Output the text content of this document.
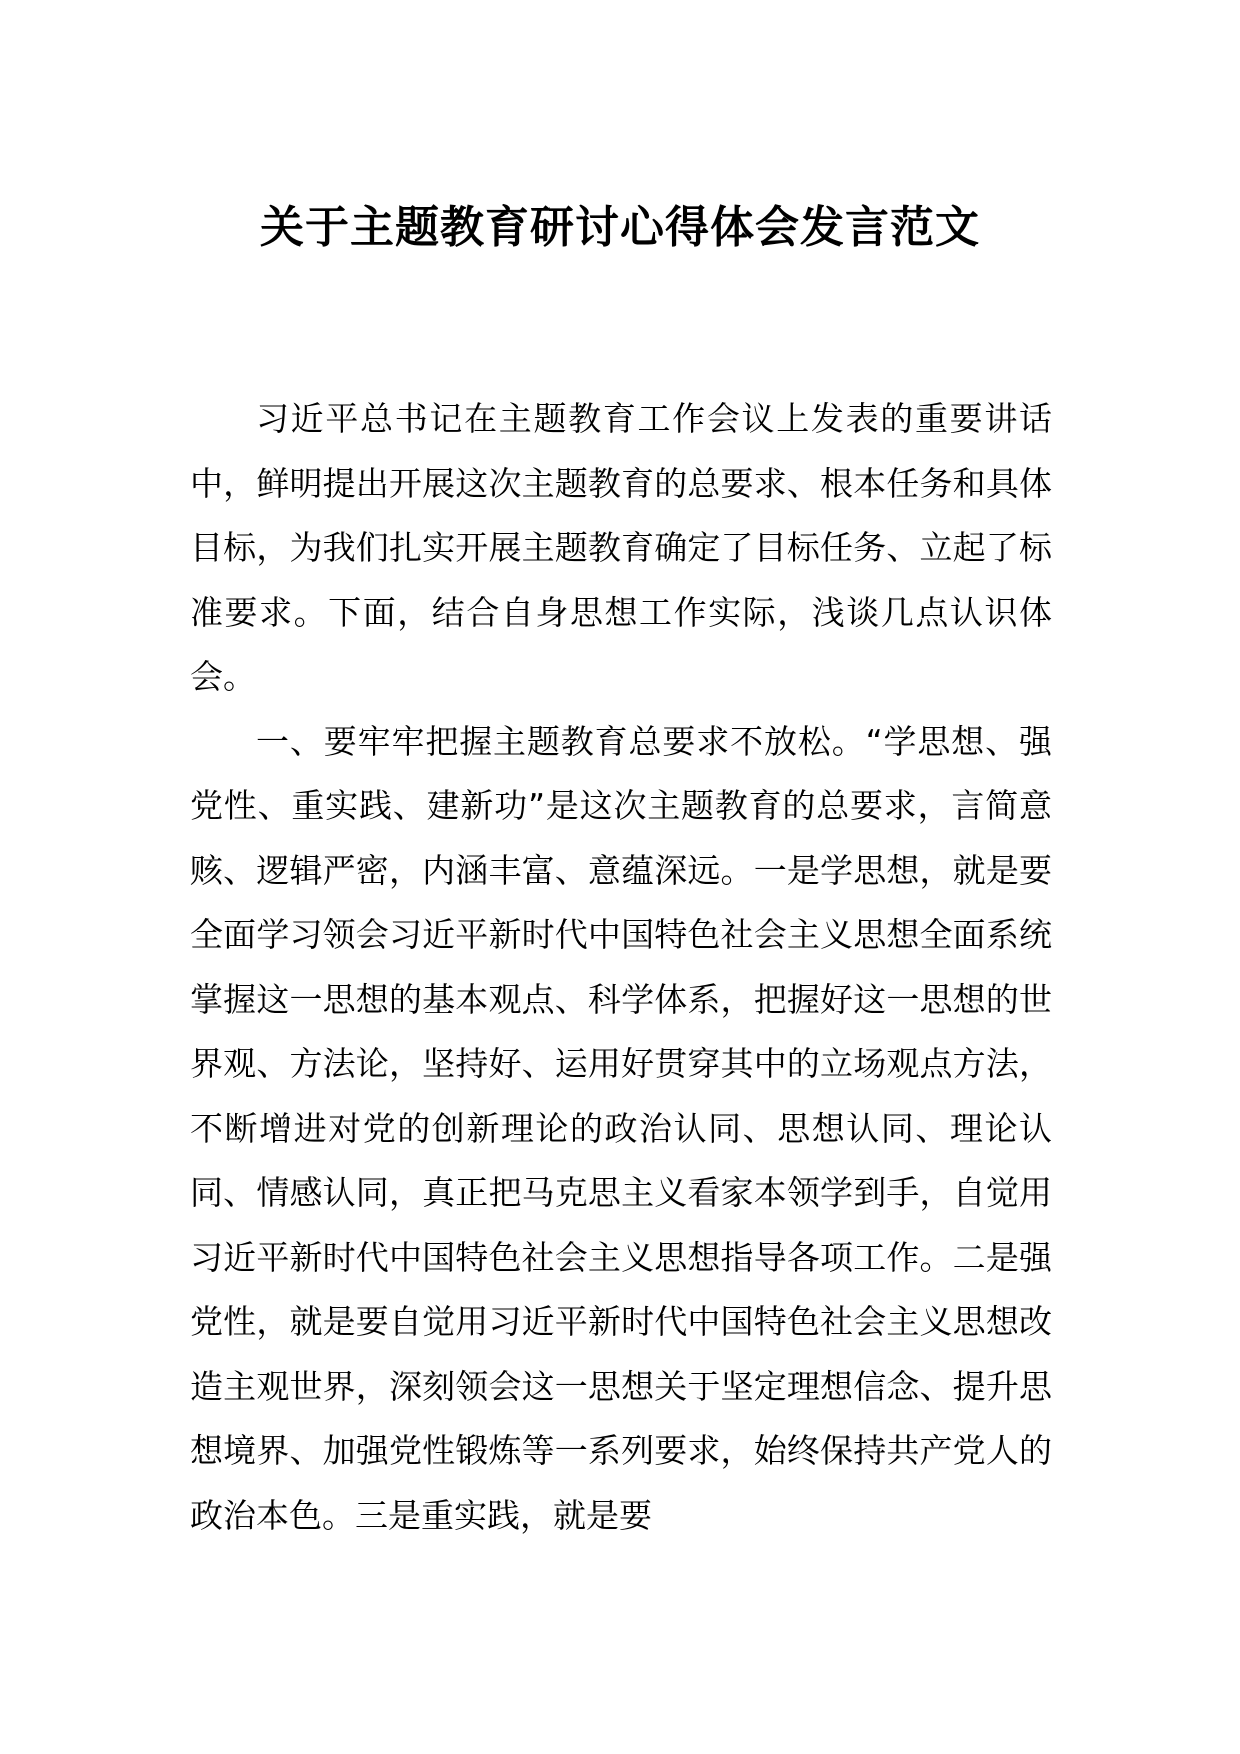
关于主题教育研讨心得体会发言范文

习近平总书记在主题教育工作会议上发表的重要讲话中，鲜明提出开展这次主题教育的总要求、根本任务和具体目标，为我们扎实开展主题教育确定了目标任务、立起了标准要求。下面，结合自身思想工作实际，浅谈几点认识体会。

一、要牢牢把握主题教育总要求不放松。“学思想、强党性、重实践、建新功”是这次主题教育的总要求，言简意赅、逻辑严密，内涵丰富、意蕴深远。一是学思想，就是要全面学习领会习近平新时代中国特色社会主义思想全面系统掌握这一思想的基本观点、科学体系，把握好这一思想的世界观、方法论，坚持好、运用好贯穿其中的立场观点方法，不断增进对党的创新理论的政治认同、思想认同、理论认同、情感认同，真正把马克思主义看家本领学到手，自觉用习近平新时代中国特色社会主义思想指导各项工作。二是强党性，就是要自觉用习近平新时代中国特色社会主义思想改造主观世界，深刻领会这一思想关于坚定理想信念、提升思想境界、加强党性锻炼等一系列要求，始终保持共产党人的政治本色。三是重实践，就是要
